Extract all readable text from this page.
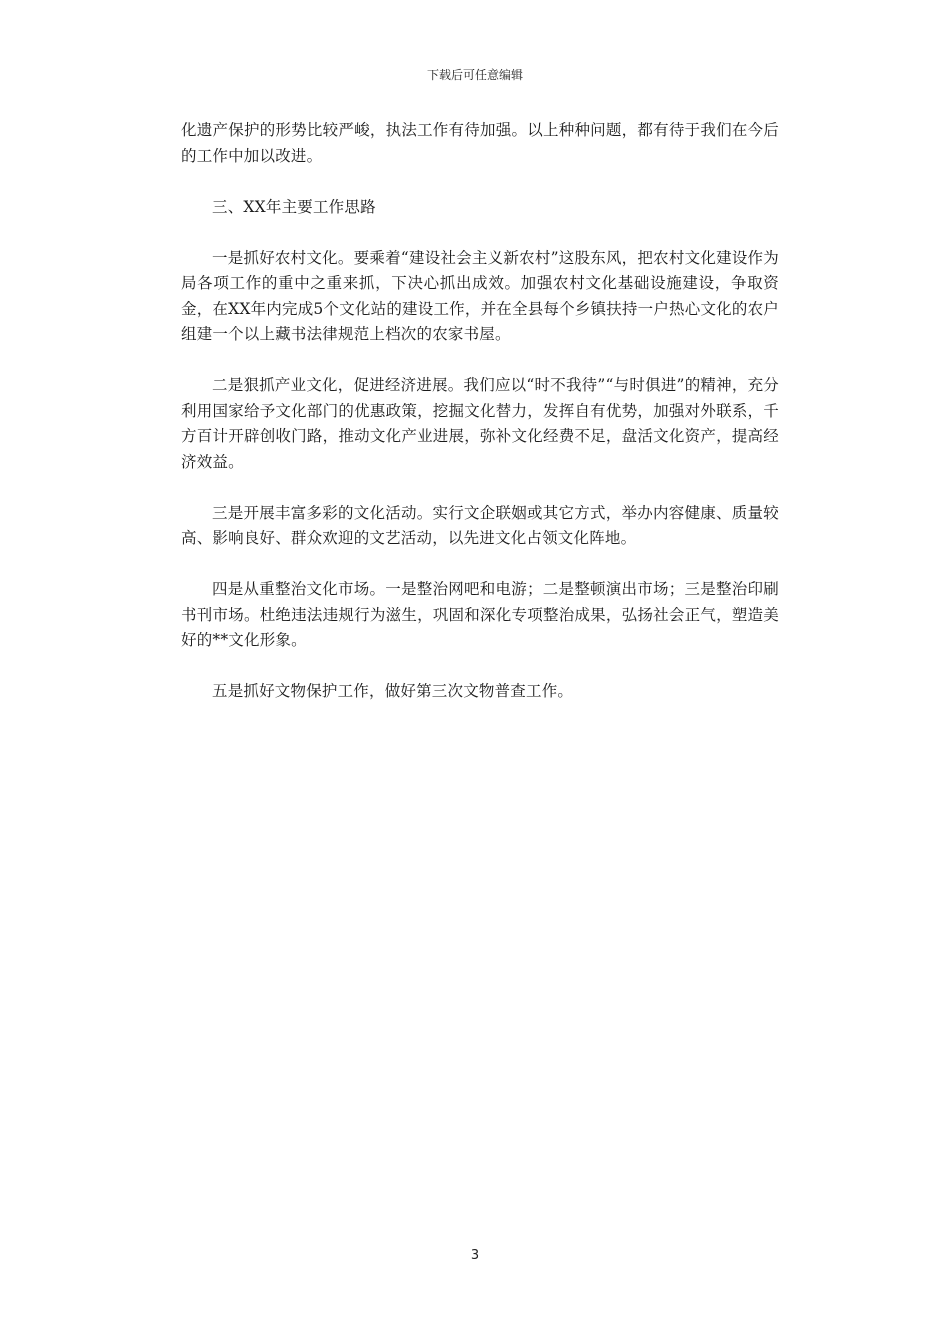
下载后可任意编辑

化遗产保护的形势比较严峻，执法工作有待加强。以上种种问题，都有待于我们在今后的工作中加以改进。

三、XX年主要工作思路

一是抓好农村文化。要乘着“建设社会主义新农村”这股东风，把农村文化建设作为局各项工作的重中之重来抓，下决心抓出成效。加强农村文化基础设施建设，争取资金，在XX年内完成5个文化站的建设工作，并在全县每个乡镇扶持一户热心文化的农户组建一个以上藏书法律规范上档次的农家书屋。

二是狠抓产业文化，促进经济进展。我们应以“时不我待”“与时俱进”的精神，充分利用国家给予文化部门的优惠政策，挖掘文化替力，发挥自有优势，加强对外联系，千方百计开辟创收门路，推动文化产业进展，弥补文化经费不足，盘活文化资产，提高经济效益。

三是开展丰富多彩的文化活动。实行文企联姻或其它方式，举办内容健康、质量较高、影响良好、群众欢迎的文艺活动，以先进文化占领文化阵地。

四是从重整治文化市场。一是整治网吧和电游；二是整顿演出市场；三是整治印刷书刊市场。杜绝违法违规行为滋生，巩固和深化专项整治成果，弘扬社会正气，塑造美好的**文化形象。

五是抓好文物保护工作，做好第三次文物普查工作。

3
